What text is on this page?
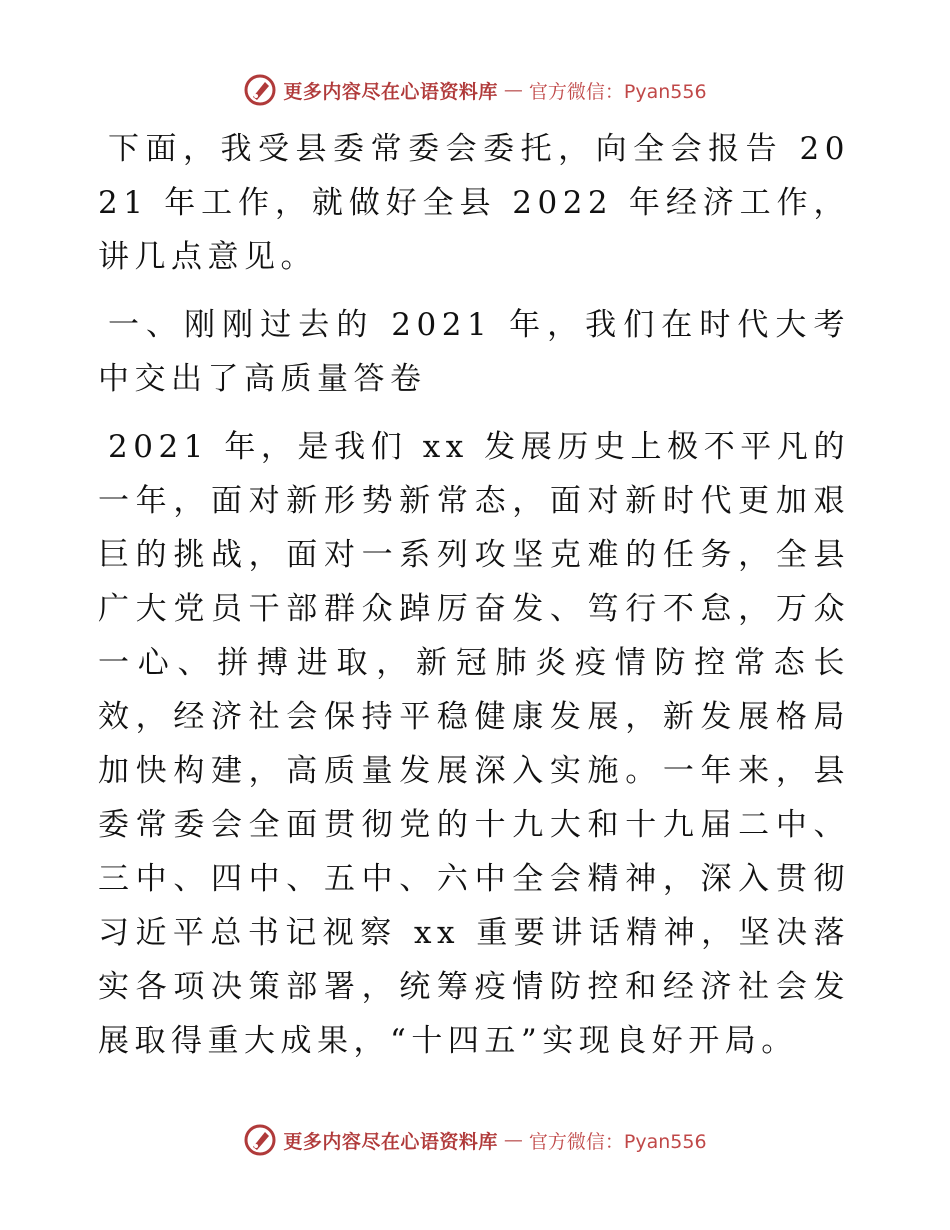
更多内容尽在心语资料库 — 官方微信：Pyan556

下面，我受县委常委会委托，向全会报告 2021 年工作，就做好全县 2022 年经济工作，讲几点意见。

一、刚刚过去的 2021 年，我们在时代大考中交出了高质量答卷

2021 年，是我们 xx 发展历史上极不平凡的一年，面对新形势新常态，面对新时代更加艰巨的挑战，面对一系列攻坚克难的任务，全县广大党员干部群众踔厉奋发、笃行不怠，万众一心、拼搏进取，新冠肺炎疫情防控常态长效，经济社会保持平稳健康发展，新发展格局加快构建，高质量发展深入实施。一年来，县委常委会全面贯彻党的十九大和十九届二中、三中、四中、五中、六中全会精神，深入贯彻习近平总书记视察 xx 重要讲话精神，坚决落实各项决策部署，统筹疫情防控和经济社会发展取得重大成果，“十四五”实现良好开局。

更多内容尽在心语资料库 — 官方微信：Pyan556
